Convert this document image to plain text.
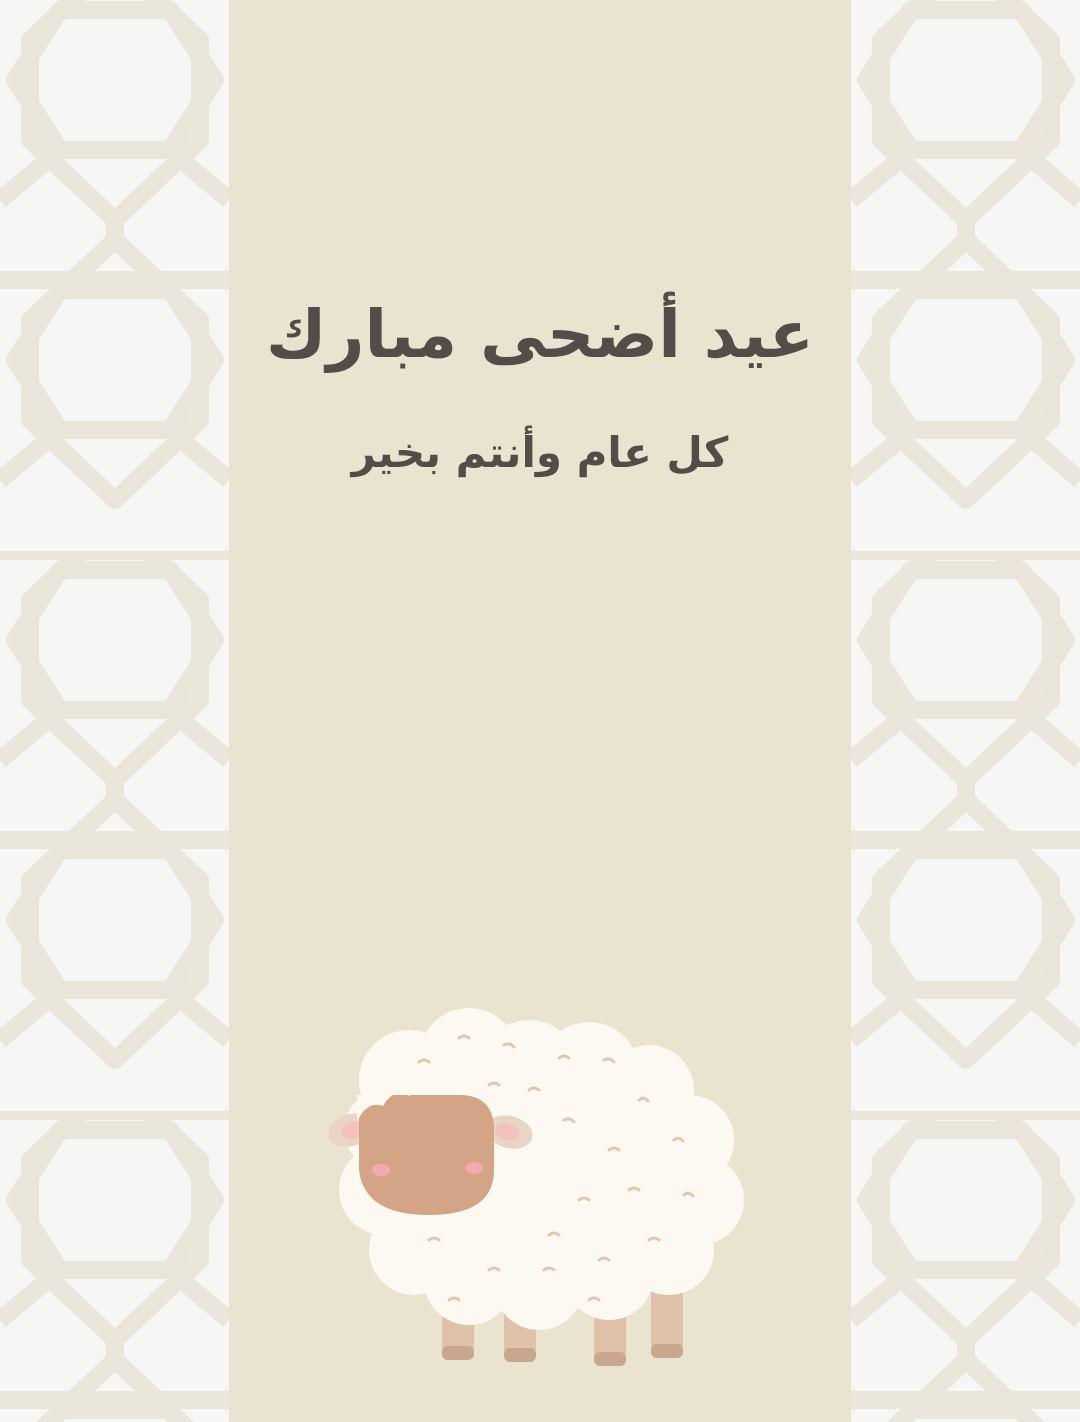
عيد أضحى مبارك
كل عام وأنتم بخير
